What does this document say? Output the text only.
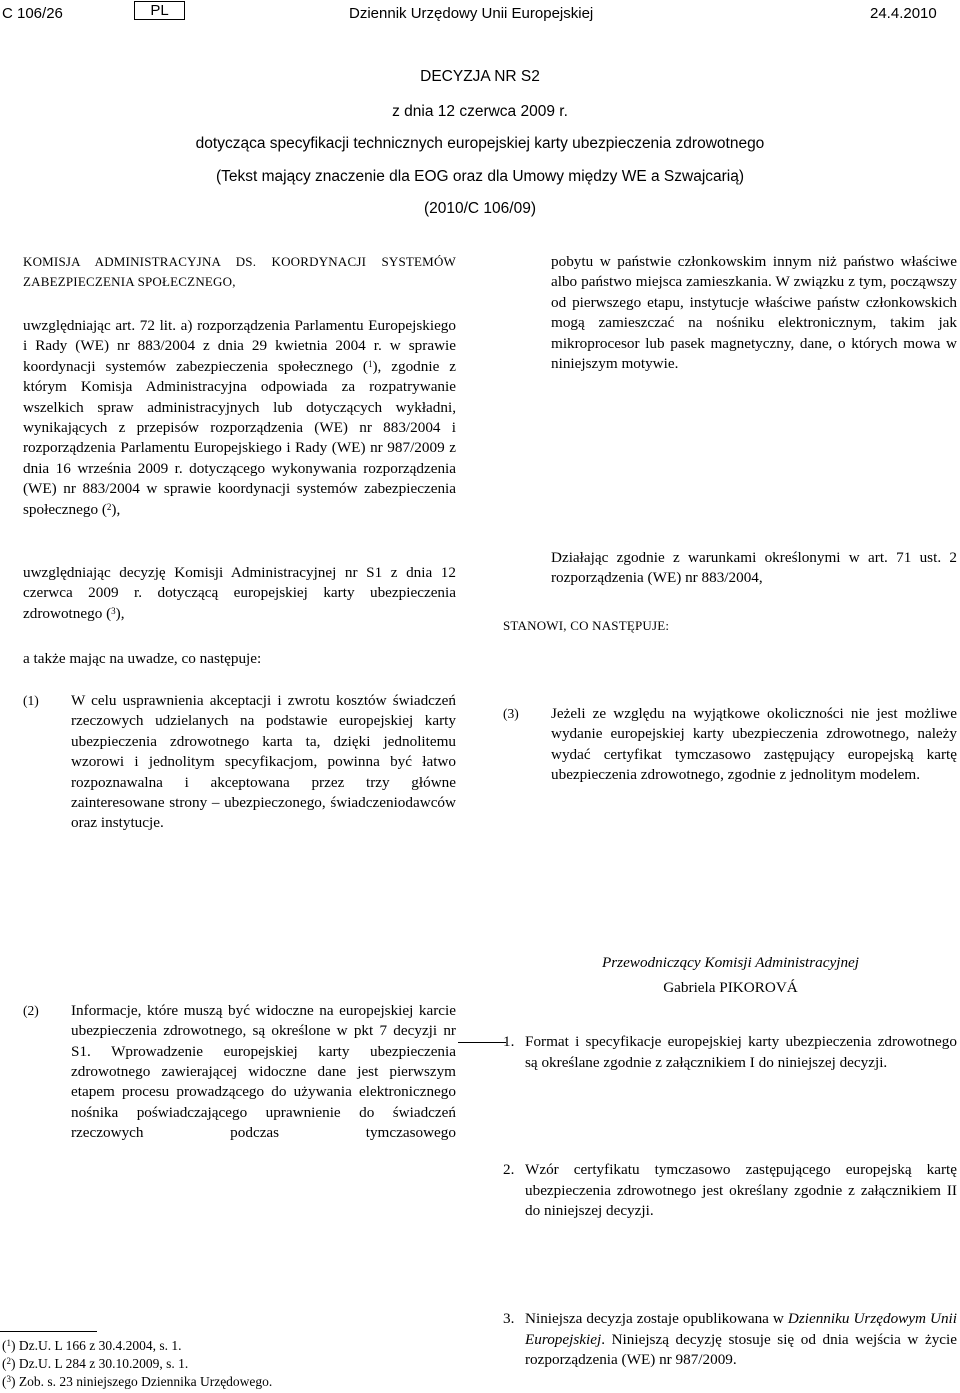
C 106/26	PL	Dziennik Urzędowy Unii Europejskiej	24.4.2010
DECYZJA NR S2
z dnia 12 czerwca 2009 r.
dotycząca specyfikacji technicznych europejskiej karty ubezpieczenia zdrowotnego
(Tekst mający znaczenie dla EOG oraz dla Umowy między WE a Szwajcarią)
(2010/C 106/09)
KOMISJA ADMINISTRACYJNA DS. KOORDYNACJI SYSTEMÓW
ZABEZPIECZENIA SPOŁECZNEGO,
uwzględniając art. 72 lit. a) rozporządzenia Parlamentu Europejskiego i Rady (WE) nr 883/2004 z dnia 29 kwietnia 2004 r. w sprawie koordynacji systemów zabezpieczenia społecznego ($^1$), zgodnie z którym Komisja Administracyjna odpowiada za rozpatrywanie wszelkich spraw administracyjnych lub dotyczących wykładni, wynikających z przepisów rozporządzenia (WE) nr 883/2004 i rozporządzenia Parlamentu Europejskiego i Rady (WE) nr 987/2009 z dnia 16 września 2009 r. dotyczącego wykonywania rozporządzenia (WE) nr 883/2004 w sprawie koordynacji systemów zabezpieczenia społecznego ($^2$),
uwzględniając decyzję Komisji Administracyjnej nr S1 z dnia 12 czerwca 2009 r. dotyczącą europejskiej karty ubezpieczenia zdrowotnego ($^3$),
a także mając na uwadze, co następuje:
(1) W celu usprawnienia akceptacji i zwrotu kosztów świadczeń rzeczowych udzielanych na podstawie europejskiej karty ubezpieczenia zdrowotnego karta ta, dzięki jednolitemu wzorowi i jednolitym specyfikacjom, powinna być łatwo rozpoznawalna i akceptowana przez trzy główne zainteresowane strony – ubezpieczonego, świadczeniodawców oraz instytucje.
(2) Informacje, które muszą być widoczne na europejskiej karcie ubezpieczenia zdrowotnego, są określone w pkt 7 decyzji nr S1. Wprowadzenie europejskiej karty ubezpieczenia zdrowotnego zawierającej widoczne dane jest pierwszym etapem procesu prowadzącego do używania elektronicznego nośnika poświadczającego uprawnienie do świadczeń rzeczowych podczas tymczasowego
pobytu w państwie członkowskim innym niż państwo właściwe albo państwo miejsca zamieszkania. W związku z tym, począwszy od pierwszego etapu, instytucje właściwe państw członkowskich mogą zamieszczać na nośniku elektronicznym, takim jak mikroprocesor lub pasek magnetyczny, dane, o których mowa w niniejszym motywie.
(3) Jeżeli ze względu na wyjątkowe okoliczności nie jest możliwe wydanie europejskiej karty ubezpieczenia zdrowotnego, należy wydać certyfikat tymczasowo zastępujący europejską kartę ubezpieczenia zdrowotnego, zgodnie z jednolitym modelem.
Działając zgodnie z warunkami określonymi w art. 71 ust. 2 rozporządzenia (WE) nr 883/2004,
STANOWI, CO NASTĘPUJE:
1. Format i specyfikacje europejskiej karty ubezpieczenia zdrowotnego są określane zgodnie z załącznikiem I do niniejszej decyzji.
2. Wzór certyfikatu tymczasowo zastępującego europejską kartę ubezpieczenia zdrowotnego jest określany zgodnie z załącznikiem II do niniejszej decyzji.
3. Niniejsza decyzja zostaje opublikowana w Dzienniku Urzędowym Unii Europejskiej. Niniejszą decyzję stosuje się od dnia wejścia w życie rozporządzenia (WE) nr 987/2009.
Przewodniczący Komisji Administracyjnej
Gabriela PIKOROVÁ
($^1$) Dz.U. L 166 z 30.4.2004, s. 1.
($^2$) Dz.U. L 284 z 30.10.2009, s. 1.
($^3$) Zob. s. 23 niniejszego Dziennika Urzędowego.
